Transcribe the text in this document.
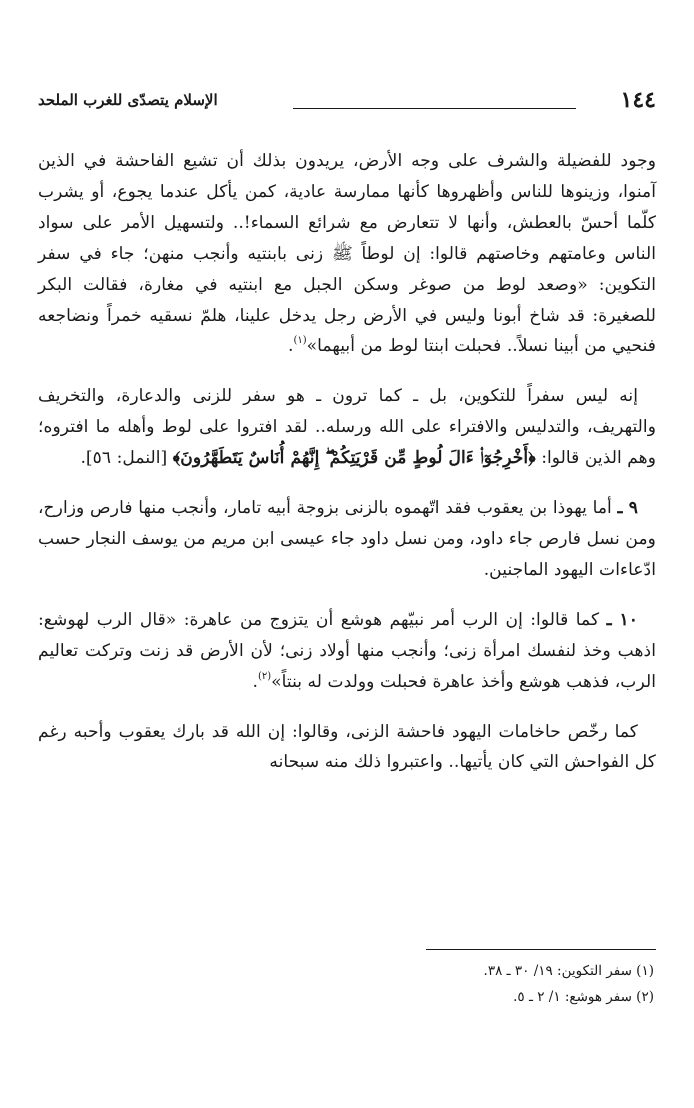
١٤٤
الإسلام يتصدّى للغرب الملحد

وجود للفضيلة والشرف على وجه الأرض، يريدون بذلك أن تشيع الفاحشة في الذين آمنوا، وزينوها للناس وأظهروها كأنها ممارسة عادية، كمن يأكل عندما يجوع، أو يشرب كلّما أحسّ بالعطش، وأنها لا تتعارض مع شرائع السماء!.. ولتسهيل الأمر على سواد الناس وعامتهم وخاصتهم قالوا: إن لوطاً ﷺ زنى بابنتيه وأنجب منهن؛ جاء في سفر التكوين: «وصعد لوط من صوغر وسكن الجبل مع ابنتيه في مغارة، فقالت البكر للصغيرة: قد شاخ أبونا وليس في الأرض رجل يدخل علينا، هلمّ نسقيه خمراً ونضاجعه فنحيي من أبينا نسلاً.. فحبلت ابنتا لوط من أبيهما»$^{(١)}$.

إنه ليس سفراً للتكوين، بل ـ كما ترون ـ هو سفر للزنى والدعارة، والتخريف والتهريف، والتدليس والافتراء على الله ورسله.. لقد افتروا على لوط وأهله ما افتروه؛ وهم الذين قالوا: ﴿أَخْرِجُوٓا۟ ءَالَ لُوطٍ مِّن قَرْيَتِكُمْ ۖ إِنَّهُمْ أُنَاسٌ يَتَطَهَّرُونَ﴾ [النمل: ٥٦].

٩ ـ أما يهوذا بن يعقوب فقد اتّهموه بالزنى بزوجة أبيه تامار، وأنجب منها فارص وزارح، ومن نسل فارص جاء داود، ومن نسل داود جاء عيسى ابن مريم من يوسف النجار حسب ادّعاءات اليهود الماجنين.

١٠ ـ كما قالوا: إن الرب أمر نبيّهم هوشع أن يتزوج من عاهرة: «قال الرب لهوشع: اذهب وخذ لنفسك امرأة زنى؛ وأنجب منها أولاد زنى؛ لأن الأرض قد زنت وتركت تعاليم الرب، فذهب هوشع وأخذ عاهرة فحبلت وولدت له بنتاً»$^{(٢)}$.

كما رخّص حاخامات اليهود فاحشة الزنى، وقالوا: إن الله قد بارك يعقوب وأحبه رغم كل الفواحش التي كان يأتيها.. واعتبروا ذلك منه سبحانه

(١) سفر التكوين: ١٩/ ٣٠ ـ ٣٨.

(٢) سفر هوشع: ١/ ٢ ـ ٥.
